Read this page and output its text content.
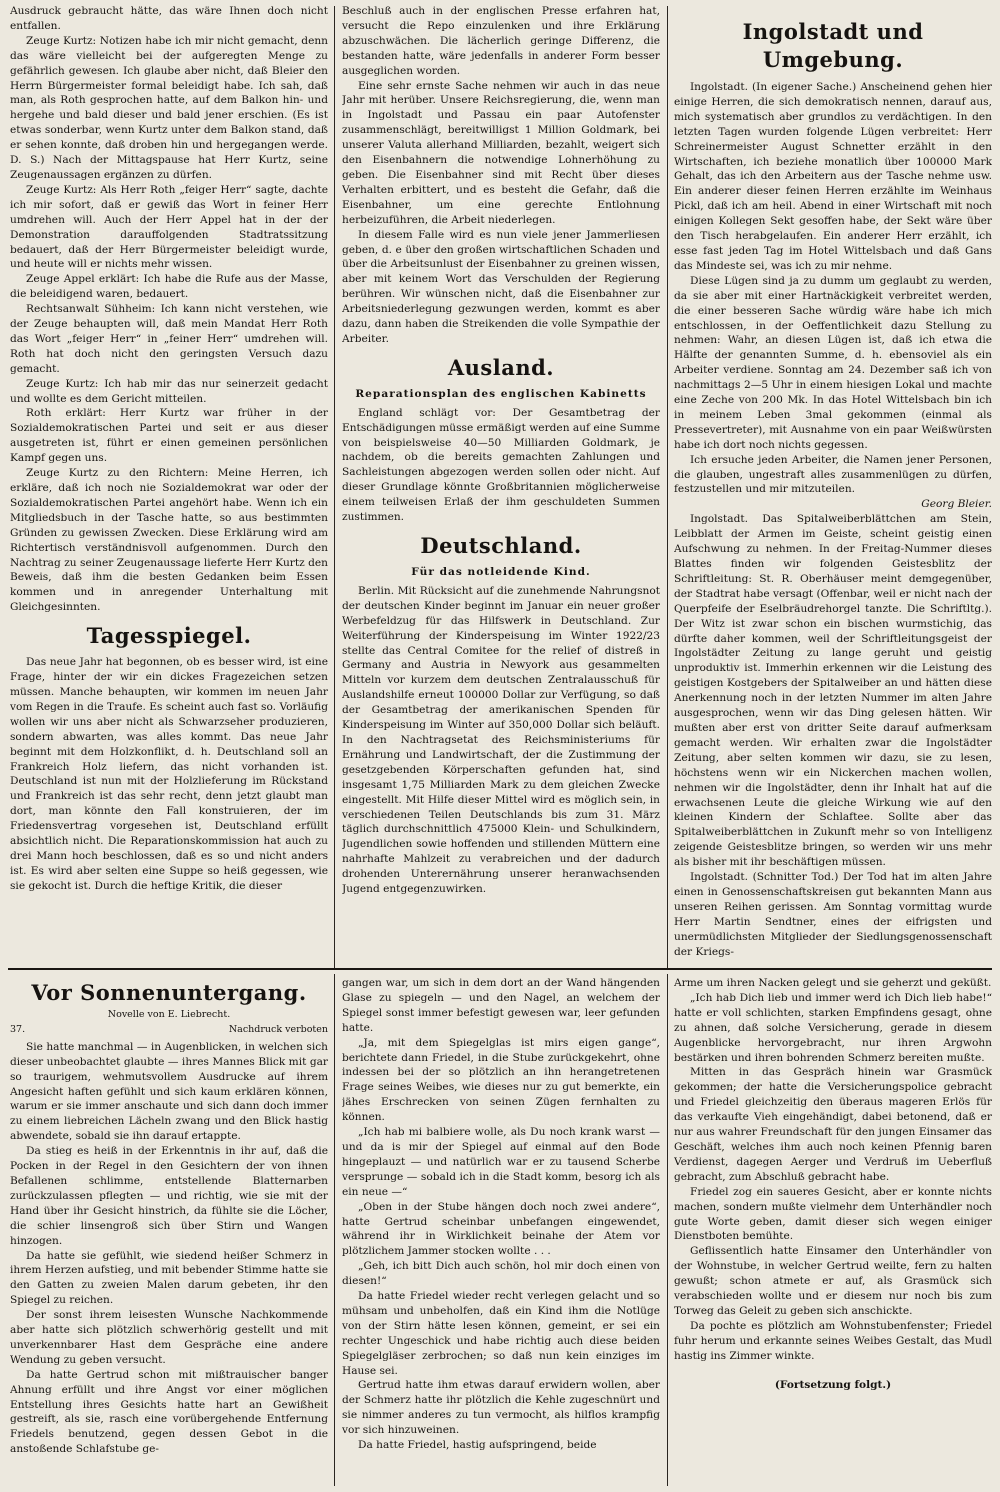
Ausdruck gebraucht hätte, das wäre Ihnen doch nicht entfallen.

Zeuge Kurtz: Notizen habe ich mir nicht gemacht, denn das wäre vielleicht bei der aufgeregten Menge zu gefährlich gewesen. Ich glaube aber nicht, daß Bleier den Herrn Bürgermeister formal beleidigt habe. Ich sah, daß man, als Roth gesprochen hatte, auf dem Balkon hin- und hergehe und bald dieser und bald jener erschien. (Es ist etwas sonderbar, wenn Kurtz unter dem Balkon stand, daß er sehen konnte, daß droben hin und hergegangen werde. D. S.) Nach der Mittagspause hat Herr Kurtz, seine Zeugenaussagen ergänzen zu dürfen.

Zeuge Kurtz: Als Herr Roth „feiger Herr“ sagte, dachte ich mir sofort, daß er gewiß das Wort in feiner Herr umdrehen will. Auch der Herr Appel hat in der der Demonstration darauffolgenden Stadtratssitzung bedauert, daß der Herr Bürgermeister beleidigt wurde, und heute will er nichts mehr wissen.

Zeuge Appel erklärt: Ich habe die Rufe aus der Masse, die beleidigend waren, bedauert.

Rechtsanwalt Sühheim: Ich kann nicht verstehen, wie der Zeuge behaupten will, daß mein Mandat Herr Roth das Wort „feiger Herr“ in „feiner Herr“ umdrehen will. Roth hat doch nicht den geringsten Versuch dazu gemacht.

Zeuge Kurtz: Ich hab mir das nur seinerzeit gedacht und wollte es dem Gericht mitteilen.

Roth erklärt: Herr Kurtz war früher in der Sozialdemokratischen Partei und seit er aus dieser ausgetreten ist, führt er einen gemeinen persönlichen Kampf gegen uns.

Zeuge Kurtz zu den Richtern: Meine Herren, ich erkläre, daß ich noch nie Sozialdemokrat war oder der Sozialdemokratischen Partei angehört habe. Wenn ich ein Mitgliedsbuch in der Tasche hatte, so aus bestimmten Gründen zu gewissen Zwecken. Diese Erklärung wird am Richtertisch verständnisvoll aufgenommen. Durch den Nachtrag zu seiner Zeugenaussage lieferte Herr Kurtz den Beweis, daß ihm die besten Gedanken beim Essen kommen und in anregender Unterhaltung mit Gleichgesinnten.

Tagesspiegel.

Das neue Jahr hat begonnen, ob es besser wird, ist eine Frage, hinter der wir ein dickes Fragezeichen setzen müssen. Manche behaupten, wir kommen im neuen Jahr vom Regen in die Traufe. Es scheint auch fast so. Vorläufig wollen wir uns aber nicht als Schwarzseher produzieren, sondern abwarten, was alles kommt. Das neue Jahr beginnt mit dem Holzkonflikt, d. h. Deutschland soll an Frankreich Holz liefern, das nicht vorhanden ist. Deutschland ist nun mit der Holzlieferung im Rückstand und Frankreich ist das sehr recht, denn jetzt glaubt man dort, man könnte den Fall konstruieren, der im Friedensvertrag vorgesehen ist, Deutschland erfüllt absichtlich nicht. Die Reparationskommission hat auch zu drei Mann hoch beschlossen, daß es so und nicht anders ist. Es wird aber selten eine Suppe so heiß gegessen, wie sie gekocht ist. Durch die heftige Kritik, die dieser

Beschluß auch in der englischen Presse erfahren hat, versucht die Repo einzulenken und ihre Erklärung abzuschwächen. Die lächerlich geringe Differenz, die bestanden hatte, wäre jedenfalls in anderer Form besser ausgeglichen worden.

Eine sehr ernste Sache nehmen wir auch in das neue Jahr mit herüber. Unsere Reichsregierung, die, wenn man in Ingolstadt und Passau ein paar Autofenster zusammenschlägt, bereitwilligst 1 Million Goldmark, bei unserer Valuta allerhand Milliarden, bezahlt, weigert sich den Eisenbahnern die notwendige Lohnerhöhung zu geben. Die Eisenbahner sind mit Recht über dieses Verhalten erbittert, und es besteht die Gefahr, daß die Eisenbahner, um eine gerechte Entlohnung herbeizuführen, die Arbeit niederlegen.

In diesem Falle wird es nun viele jener Jammerliesen geben, d. e über den großen wirtschaftlichen Schaden und über die Arbeitsunlust der Eisenbahner zu greinen wissen, aber mit keinem Wort das Verschulden der Regierung berühren. Wir wünschen nicht, daß die Eisenbahner zur Arbeitsniederlegung gezwungen werden, kommt es aber dazu, dann haben die Streikenden die volle Sympathie der Arbeiter.

Ausland.
Reparationsplan des englischen Kabinetts

England schlägt vor: Der Gesamtbetrag der Entschädigungen müsse ermäßigt werden auf eine Summe von beispielsweise 40—50 Milliarden Goldmark, je nachdem, ob die bereits gemachten Zahlungen und Sachleistungen abgezogen werden sollen oder nicht. Auf dieser Grundlage könnte Großbritannien möglicherweise einem teilweisen Erlaß der ihm geschuldeten Summen zustimmen.

Deutschland.
Für das notleidende Kind.

Berlin. Mit Rücksicht auf die zunehmende Nahrungsnot der deutschen Kinder beginnt im Januar ein neuer großer Werbefeldzug für das Hilfswerk in Deutschland. Zur Weiterführung der Kinderspeisung im Winter 1922/23 stellte das Central Comitee for the relief of distreß in Germany and Austria in Newyork aus gesammelten Mitteln vor kurzem dem deutschen Zentralausschuß für Auslandshilfe erneut 100000 Dollar zur Verfügung, so daß der Gesamtbetrag der amerikanischen Spenden für Kinderspeisung im Winter auf 350,000 Dollar sich beläuft. In den Nachtragsetat des Reichsministeriums für Ernährung und Landwirtschaft, der die Zustimmung der gesetzgebenden Körperschaften gefunden hat, sind insgesamt 1,75 Milliarden Mark zu dem gleichen Zwecke eingestellt. Mit Hilfe dieser Mittel wird es möglich sein, in verschiedenen Teilen Deutschlands bis zum 31. März täglich durchschnittlich 475000 Klein- und Schulkindern, Jugendlichen sowie hoffenden und stillenden Müttern eine nahrhafte Mahlzeit zu verabreichen und der dadurch drohenden Unterernährung unserer heranwachsenden Jugend entgegenzuwirken.

Ingolstadt und Umgebung.

Ingolstadt. (In eigener Sache.) Anscheinend gehen hier einige Herren, die sich demokratisch nennen, darauf aus, mich systematisch aber grundlos zu verdächtigen. In den letzten Tagen wurden folgende Lügen verbreitet: Herr Schreinermeister August Schnetter erzählt in den Wirtschaften, ich beziehe monatlich über 100000 Mark Gehalt, das ich den Arbeitern aus der Tasche nehme usw. Ein anderer dieser feinen Herren erzählte im Weinhaus Pickl, daß ich am heil. Abend in einer Wirtschaft mit noch einigen Kollegen Sekt gesoffen habe, der Sekt wäre über den Tisch herabgelaufen. Ein anderer Herr erzählt, ich esse fast jeden Tag im Hotel Wittelsbach und daß Gans das Mindeste sei, was ich zu mir nehme.

Diese Lügen sind ja zu dumm um geglaubt zu werden, da sie aber mit einer Hartnäckigkeit verbreitet werden, die einer besseren Sache würdig wäre habe ich mich entschlossen, in der Oeffentlichkeit dazu Stellung zu nehmen: Wahr, an diesen Lügen ist, daß ich etwa die Hälfte der genannten Summe, d. h. ebensoviel als ein Arbeiter verdiene. Sonntag am 24. Dezember saß ich von nachmittags 2—5 Uhr in einem hiesigen Lokal und machte eine Zeche von 200 Mk. In das Hotel Wittelsbach bin ich in meinem Leben 3mal gekommen (einmal als Pressevertreter), mit Ausnahme von ein paar Weißwürsten habe ich dort noch nichts gegessen.

Ich ersuche jeden Arbeiter, die Namen jener Personen, die glauben, ungestraft alles zusammenlügen zu dürfen, festzustellen und mir mitzuteilen.

Georg Bleier.

Ingolstadt. Das Spitalweiberblättchen am Stein, Leibblatt der Armen im Geiste, scheint geistig einen Aufschwung zu nehmen. In der Freitag-Nummer dieses Blattes finden wir folgenden Geistesblitz der Schriftleitung: St. R. Oberhäuser meint demgegenüber, der Stadtrat habe versagt (Offenbar, weil er nicht nach der Querpfeife der Eselbräudrehorgel tanzte. Die Schriftltg.). Der Witz ist zwar schon ein bischen wurmstichig, das dürfte daher kommen, weil der Schriftleitungsgeist der Ingolstädter Zeitung zu lange geruht und geistig unproduktiv ist. Immerhin erkennen wir die Leistung des geistigen Kostgebers der Spitalweiber an und hätten diese Anerkennung noch in der letzten Nummer im alten Jahre ausgesprochen, wenn wir das Ding gelesen hätten. Wir mußten aber erst von dritter Seite darauf aufmerksam gemacht werden. Wir erhalten zwar die Ingolstädter Zeitung, aber selten kommen wir dazu, sie zu lesen, höchstens wenn wir ein Nickerchen machen wollen, nehmen wir die Ingolstädter, denn ihr Inhalt hat auf die erwachsenen Leute die gleiche Wirkung wie auf den kleinen Kindern der Schlaftee. Sollte aber das Spitalweiberblättchen in Zukunft mehr so von Intelligenz zeigende Geistesblitze bringen, so werden wir uns mehr als bisher mit ihr beschäftigen müssen.

Ingolstadt. (Schnitter Tod.) Der Tod hat im alten Jahre einen in Genossenschaftskreisen gut bekannten Mann aus unseren Reihen gerissen. Am Sonntag vormittag wurde Herr Martin Sendtner, eines der eifrigsten und unermüdlichsten Mitglieder der Siedlungsgenossenschaft der Kriegs-

Vor Sonnenuntergang.
Novelle von E. Liebrecht.
37.	Nachdruck verboten

Sie hatte manchmal — in Augenblicken, in welchen sich dieser unbeobachtet glaubte — ihres Mannes Blick mit gar so traurigem, wehmutsvollem Ausdrucke auf ihrem Angesicht haften gefühlt und sich kaum erklären können, warum er sie immer anschaute und sich dann doch immer zu einem liebreichen Lächeln zwang und den Blick hastig abwendete, sobald sie ihn darauf ertappte.

Da stieg es heiß in der Erkenntnis in ihr auf, daß die Pocken in der Regel in den Gesichtern der von ihnen Befallenen schlimme, entstellende Blatternarben zurückzulassen pflegten — und richtig, wie sie mit der Hand über ihr Gesicht hinstrich, da fühlte sie die Löcher, die schier linsengroß sich über Stirn und Wangen hinzogen.

Da hatte sie gefühlt, wie siedend heißer Schmerz in ihrem Herzen aufstieg, und mit bebender Stimme hatte sie den Gatten zu zweien Malen darum gebeten, ihr den Spiegel zu reichen.

Der sonst ihrem leisesten Wunsche Nachkommende aber hatte sich plötzlich schwerhörig gestellt und mit unverkennbarer Hast dem Gespräche eine andere Wendung zu geben versucht.

Da hatte Gertrud schon mit mißtrauischer banger Ahnung erfüllt und ihre Angst vor einer möglichen Entstellung ihres Gesichts hatte hart an Gewißheit gestreift, als sie, rasch eine vorübergehende Entfernung Friedels benutzend, gegen dessen Gebot in die anstoßende Schlafstube ge-

gangen war, um sich in dem dort an der Wand hängenden Glase zu spiegeln — und den Nagel, an welchem der Spiegel sonst immer befestigt gewesen war, leer gefunden hatte.

„Ja, mit dem Spiegelglas ist mirs eigen gange“, berichtete dann Friedel, in die Stube zurückgekehrt, ohne indessen bei der so plötzlich an ihn herangetretenen Frage seines Weibes, wie dieses nur zu gut bemerkte, ein jähes Erschrecken von seinen Zügen fernhalten zu können.

„Ich hab mi balbiere wolle, als Du noch krank warst — und da is mir der Spiegel auf einmal auf den Bode hingeplauzt — und natürlich war er zu tausend Scherbe versprunge — sobald ich in die Stadt komm, besorg ich als ein neue —“

„Oben in der Stube hängen doch noch zwei andere“, hatte Gertrud scheinbar unbefangen eingewendet, während ihr in Wirklichkeit beinahe der Atem vor plötzlichem Jammer stocken wollte . . .

„Geh, ich bitt Dich auch schön, hol mir doch einen von diesen!“

Da hatte Friedel wieder recht verlegen gelacht und so mühsam und unbeholfen, daß ein Kind ihm die Notlüge von der Stirn hätte lesen können, gemeint, er sei ein rechter Ungeschick und habe richtig auch diese beiden Spiegelgläser zerbrochen; so daß nun kein einziges im Hause sei.

Gertrud hatte ihm etwas darauf erwidern wollen, aber der Schmerz hatte ihr plötzlich die Kehle zugeschnürt und sie nimmer anderes zu tun vermocht, als hilflos krampfig vor sich hinzuweinen.

Da hatte Friedel, hastig aufspringend, beide

Arme um ihren Nacken gelegt und sie geherzt und geküßt.

„Ich hab Dich lieb und immer werd ich Dich lieb habe!“ hatte er voll schlichten, starken Empfindens gesagt, ohne zu ahnen, daß solche Versicherung, gerade in diesem Augenblicke hervorgebracht, nur ihren Argwohn bestärken und ihren bohrenden Schmerz bereiten mußte.

Mitten in das Gespräch hinein war Grasmück gekommen; der hatte die Versicherungspolice gebracht und Friedel gleichzeitig den überaus mageren Erlös für das verkaufte Vieh eingehändigt, dabei betonend, daß er nur aus wahrer Freundschaft für den jungen Einsamer das Geschäft, welches ihm auch noch keinen Pfennig baren Verdienst, dagegen Aerger und Verdruß im Ueberfluß gebracht, zum Abschluß gebracht habe.

Friedel zog ein saueres Gesicht, aber er konnte nichts machen, sondern mußte vielmehr dem Unterhändler noch gute Worte geben, damit dieser sich wegen einiger Dienstboten bemühte.

Geflissentlich hatte Einsamer den Unterhändler von der Wohnstube, in welcher Gertrud weilte, fern zu halten gewußt; schon atmete er auf, als Grasmück sich verabschieden wollte und er diesem nur noch bis zum Torweg das Geleit zu geben sich anschickte.

Da pochte es plötzlich am Wohnstubenfenster; Friedel fuhr herum und erkannte seines Weibes Gestalt, das Mudl hastig ins Zimmer winkte.

(Fortsetzung folgt.)
